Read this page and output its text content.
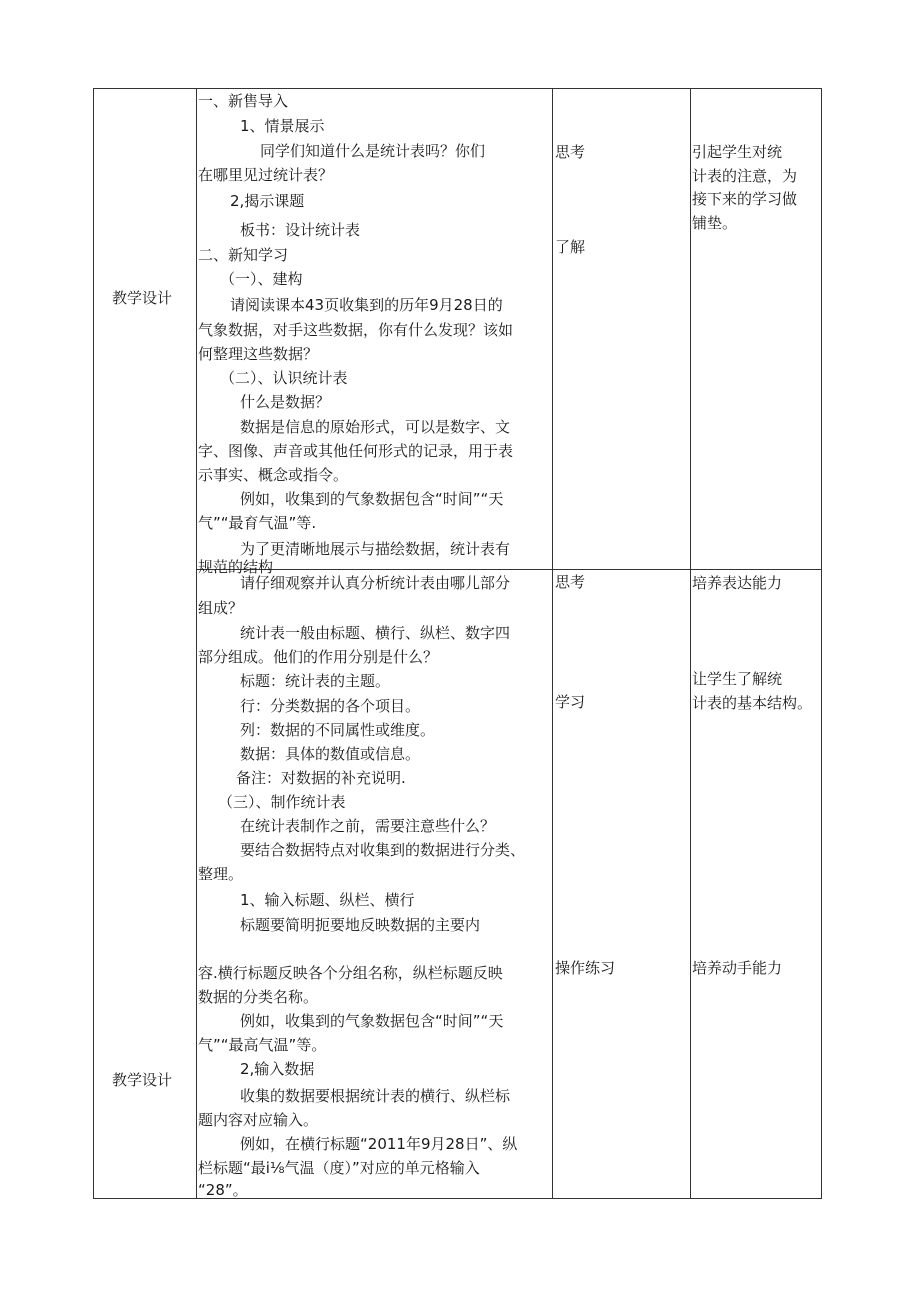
教学设计
教学设计
一、新售导入
1、情景展示
同学们知道什么是统计表吗？你们
在哪里见过统计表？
2,揭示课题
板书：设计统计表
二、新知学习
（一）、建构
请阅读课本43页收集到的历年9月28日的
气象数据，对手这些数据，你有什么发现？该如
何整理这些数据？
（二）、认识统计表
什么是数据？
数据是信息的原始形式，可以是数字、文
字、图像、声音或其他任何形式的记录，用于表
示事实、概念或指令。
例如，收集到的气象数据包含“时间”“天
气”“最育气温”等.
为了更清晰地展示与描绘数据，统计表有
规范的结构
请仔细观察并认真分析统计表由哪儿部分
组成？
统计表一般由标题、横行、纵栏、数字四
部分组成。他们的作用分别是什么？
标题：统计表的主题。
行：分类数据的各个项目。
列：数据的不同属性或维度。
数据：具体的数值或信息。
备注：对数据的补充说明.
（三）、制作统计表
在统计表制作之前，需要注意些什么？
要结合数据特点对收集到的数据进行分类、
整理。
1、输入标题、纵栏、横行
标题要简明扼要地反映数据的主要内
容.横行标题反映各个分组名称，纵栏标题反映
数据的分类名称。
例如，收集到的气象数据包含“时间”“天
气”“最高气温”等。
2,输入数据
收集的数据要根据统计表的横行、纵栏标
题内容对应输入。
例如，在横行标题“2011年9月28日”、纵
栏标题“最i⅛气温（度）”对应的单元格输入
“28”。
思考
了解
思考
学习
操作练习
引起学生对统
计表的注意，为
接下来的学习做
铺垫。
培养表达能力
让学生了解统
计表的基本结构。
培养动手能力
